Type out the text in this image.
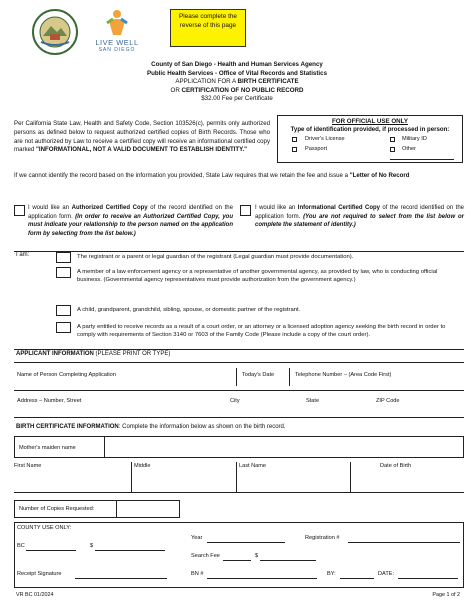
LIVE WELL
SAN DIEGO
Please complete the reverse of this page
County of San Diego - Health and Human Services Agency
Public Health Services - Office of Vital Records and Statistics
APPLICATION FOR A BIRTH CERTIFICATE
OR CERTIFICATION OF NO PUBLIC RECORD
$32.00 Fee per Certificate
Per California State Law, Health and Safety Code, Section 103526(c), permits only authorized persons as defined below to request authorized certified copies of Birth Records. Those who are not authorized by Law to receive a certified copy will receive an informational certified copy marked "INFORMATIONAL, NOT A VALID DOCUMENT TO ESTABLISH IDENTITY."
FOR OFFICIAL USE ONLY
Type of identification provided, if processed in person:
Driver's License	Military ID
Passport	Other
If we cannot identify the record based on the information you provided, State Law requires that we retain the fee and issue a "Letter of No Record
I would like an Authorized Certified Copy of the record identified on the application form. (In order to receive an Authorized Certified Copy, you must indicate your relationship to the person named on the application form by selecting from the list below.)
I would like an Informational Certified Copy of the record identified on the application form. (You are not required to select from the list below or complete the statement of identity.)
I am:	The registrant or a parent or legal guardian of the registrant (Legal guardian must provide documentation).
A member of a law enforcement agency or a representative of another governmental agency, as provided by law, who is conducting official business. (Governmental agency representatives must provide authorization from the government agency.)
A child, grandparent, grandchild, sibling, spouse, or domestic partner of the registrant.
A party entitled to receive records as a result of a court order, or an attorney or a licensed adoption agency seeking the birth record in order to comply with requirements of Section 3140 or 7603 of the Family Code (Please include a copy of the court order).
APPLICANT INFORMATION (PLEASE PRINT OR TYPE)
Name of Person Completing Application	Today's Date	Telephone Number – (Area Code First)
Address – Number, Street	City	State	ZIP Code
BIRTH CERTIFICATE INFORMATION: Complete the information below as shown on the birth record.
Mother's maiden name
First Name	Middle	Last Name	Date of Birth
Number of Copies Requested:
COUNTY USE ONLY:
BC	$
Year	Registration #
Search Fee	$
Receipt Signature	BN #	BY:	DATE:
VR BC 01/2024	Page 1 of 2
